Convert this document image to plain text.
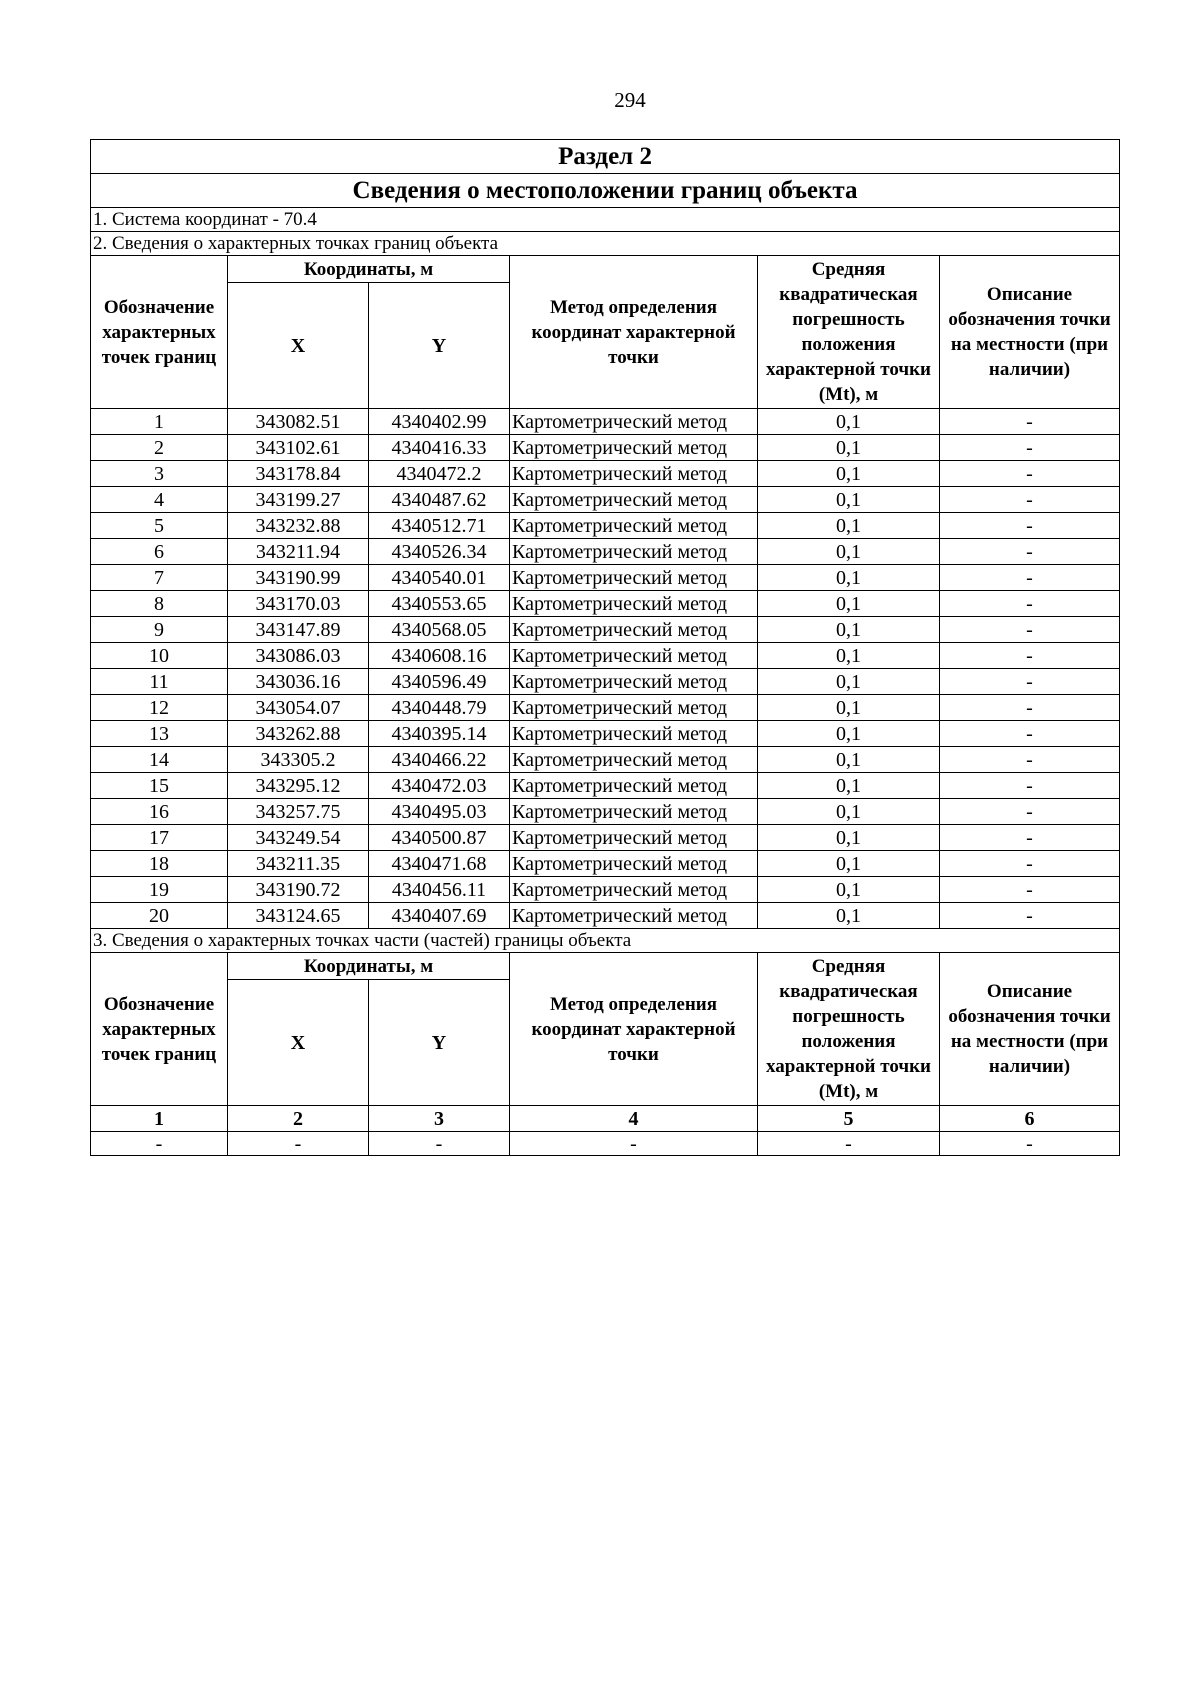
294
Раздел 2					
Сведения о местоположении границ объекта					
1. Система координат - 70.4					
2. Сведения о характерных точках границ объекта					
Обозначение характерных точек границ	Координаты, м		Метод определения координат характерной точки	Средняя квадратическая погрешность положения характерной точки (Mt), м	Описание обозначения точки на местности (при наличии)
	X	Y			
1	343082.51	4340402.99	Картометрический метод	0,1	-
2	343102.61	4340416.33	Картометрический метод	0,1	-
3	343178.84	4340472.2	Картометрический метод	0,1	-
4	343199.27	4340487.62	Картометрический метод	0,1	-
5	343232.88	4340512.71	Картометрический метод	0,1	-
6	343211.94	4340526.34	Картометрический метод	0,1	-
7	343190.99	4340540.01	Картометрический метод	0,1	-
8	343170.03	4340553.65	Картометрический метод	0,1	-
9	343147.89	4340568.05	Картометрический метод	0,1	-
10	343086.03	4340608.16	Картометрический метод	0,1	-
11	343036.16	4340596.49	Картометрический метод	0,1	-
12	343054.07	4340448.79	Картометрический метод	0,1	-
13	343262.88	4340395.14	Картометрический метод	0,1	-
14	343305.2	4340466.22	Картометрический метод	0,1	-
15	343295.12	4340472.03	Картометрический метод	0,1	-
16	343257.75	4340495.03	Картометрический метод	0,1	-
17	343249.54	4340500.87	Картометрический метод	0,1	-
18	343211.35	4340471.68	Картометрический метод	0,1	-
19	343190.72	4340456.11	Картометрический метод	0,1	-
20	343124.65	4340407.69	Картометрический метод	0,1	-
3. Сведения о характерных точках части (частей) границы объекта					
Обозначение характерных точек границ	Координаты, м		Метод определения координат характерной точки	Средняя квадратическая погрешность положения характерной точки (Mt), м	Описание обозначения точки на местности (при наличии)
	X	Y			
1	2	3	4	5	6
-	-	-	-	-	-
